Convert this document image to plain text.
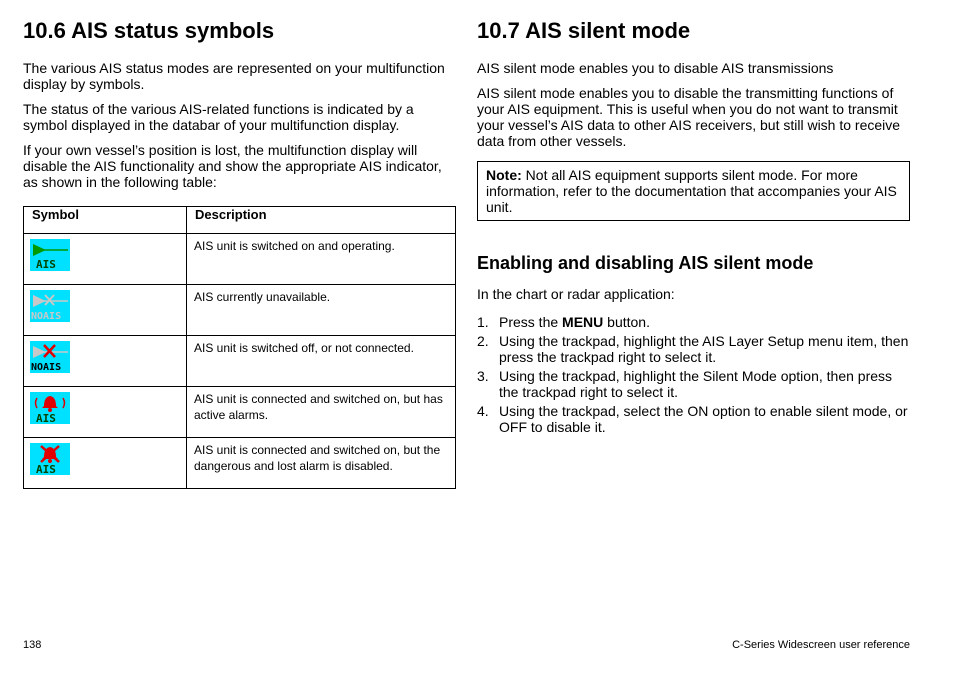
10.6 AIS status symbols

The various AIS status modes are represented on your multifunction display by symbols.

The status of the various AIS-related functions is indicated by a symbol displayed in the databar of your multifunction display.

If your own vessel’s position is lost, the multifunction display will disable the AIS functionality and show the appropriate AIS indicator, as shown in the following table:

Symbol	Description

AIS	AIS unit is switched on and operating.

NOAIS	AIS currently unavailable.

NOAIS	AIS unit is switched off, or not connected.

AIS	AIS unit is connected and switched on, but has active alarms.

AIS	AIS unit is connected and switched on, but the dangerous and lost alarm is disabled.
10.7 AIS silent mode

AIS silent mode enables you to disable AIS transmissions

AIS silent mode enables you to disable the transmitting functions of your AIS equipment. This is useful when you do not want to transmit your vessel’s AIS data to other AIS receivers, but still wish to receive data from other vessels.

Note: Not all AIS equipment supports silent mode. For more information, refer to the documentation that accompanies your AIS unit.
Enabling and disabling AIS silent mode

In the chart or radar application:

1. Press the MENU button.
2. Using the trackpad, highlight the AIS Layer Setup menu item, then press the trackpad right to select it.
3. Using the trackpad, highlight the Silent Mode option, then press the trackpad right to select it.
4. Using the trackpad, select the ON option to enable silent mode, or OFF to disable it.
138	C-Series Widescreen user reference
